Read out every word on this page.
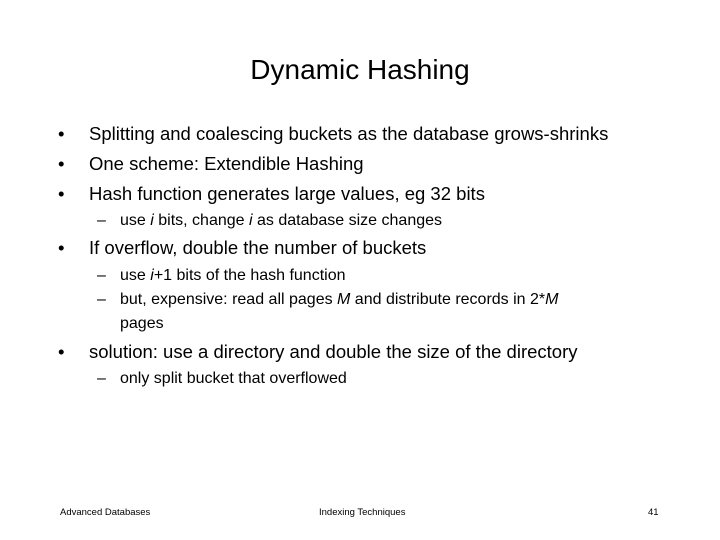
Dynamic Hashing
• Splitting and coalescing buckets as the database grows-shrinks
• One scheme: Extendible Hashing
• Hash function generates large values, eg 32 bits
– use i bits, change i as database size changes
• If overflow, double the number of buckets
– use i+1 bits of the hash function
– but, expensive: read all pages M and distribute records in 2*M
pages
• solution: use a directory and double the size of the directory
– only split bucket that overflowed
Advanced Databases	Indexing Techniques	41
